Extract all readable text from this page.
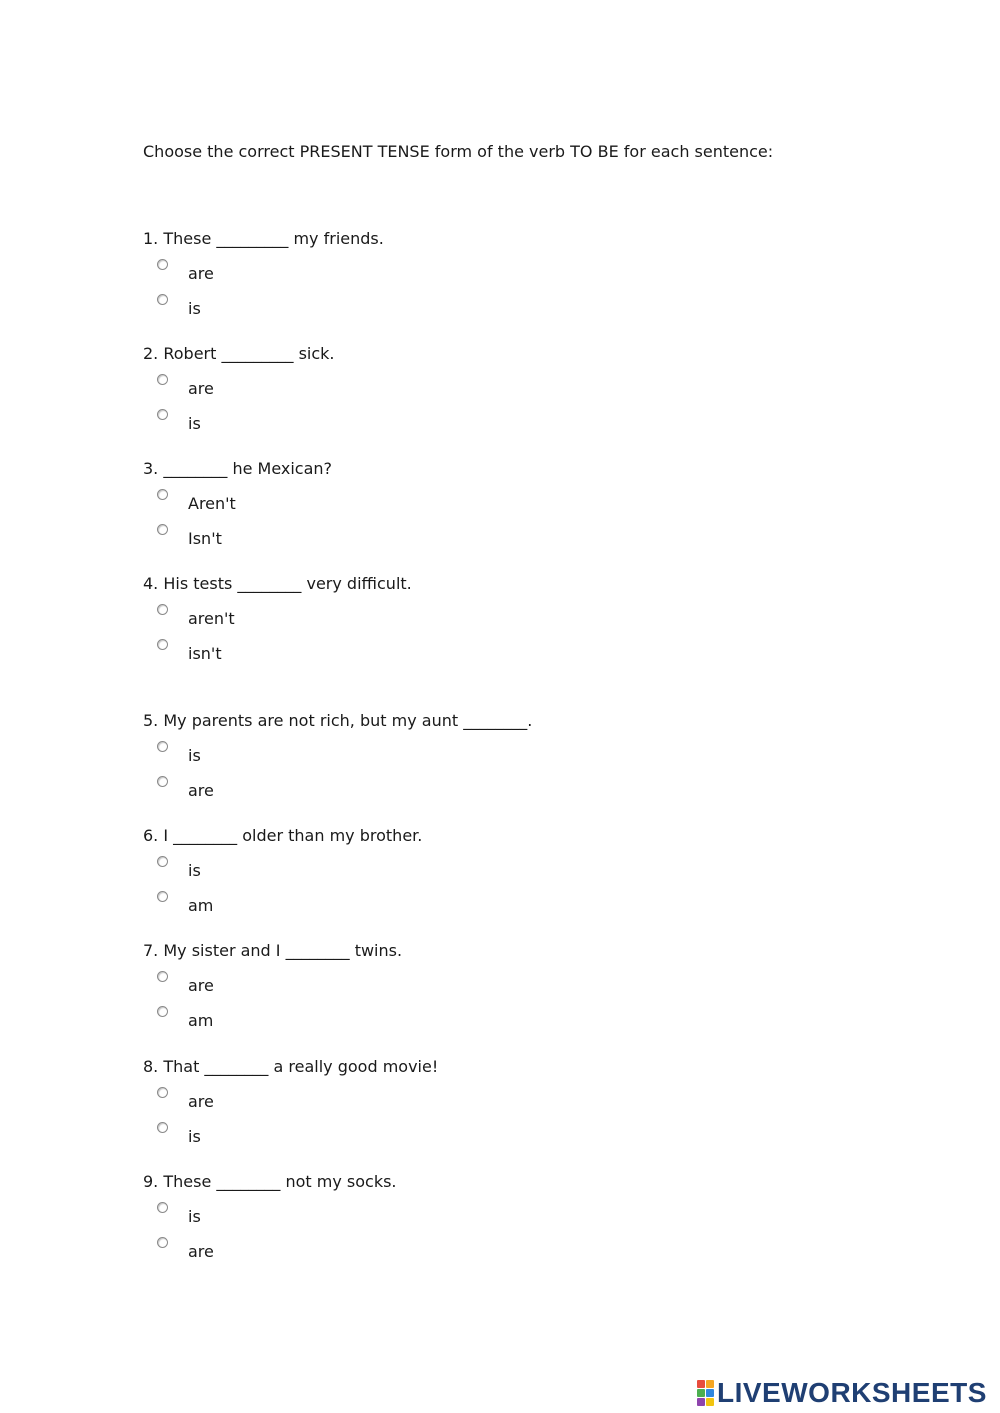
Choose the correct PRESENT TENSE form of the verb TO BE for each sentence:
1. These _________ my friends.
are
is
2. Robert _________ sick.
are
is
3. ________ he Mexican?
Aren't
Isn't
4. His tests ________ very difficult.
aren't
isn't
5. My parents are not rich, but my aunt ________.
is
are
6. I ________ older than my brother.
is
am
7. My sister and I ________ twins.
are
am
8. That ________ a really good movie!
are
is
9. These ________ not my socks.
is
are
LIVEWORKSHEETS
